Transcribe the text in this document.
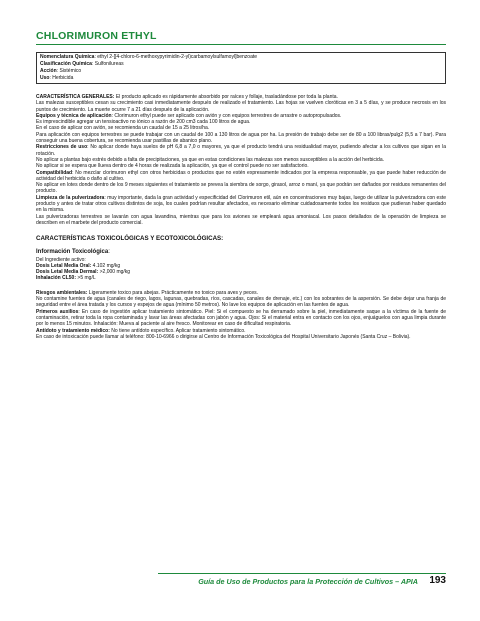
CHLORIMURON ETHYL
Nomenclatura Química: ethyl 2-[[4-chloro-6-methoxypyrimidin-2-yl)carbamoylsulfamoyl]benzoate
Clasificación Química: Sulfonilureas
Acción: Sistémico
Uso: Herbicida

CARACTERÍSTICA GENERALES: El producto aplicado es rápidamente absorbido por raíces y follaje, trasladándose por toda la planta.

Las malezas susceptibles cesan su crecimiento casi inmediatamente después de realizado el tratamiento. Las hojas se vuelven cloróticas en 3 a 5 días, y se produce necrosis en los puntos de crecimiento. La muerte ocurre 7 a 21 días después de la aplicación.

Equipos y técnica de aplicación: Clorimuron ethyl puede ser aplicado con avión y con equipos terrestres de arrastre o autopropulsados.

Es imprescindible agregar un tensioactivo no iónico a razón de 200 cm3 cada 100 litros de agua.

En el caso de aplicar con avión, se recomienda un caudal de 15 a 25 litros/ha.

Para aplicación con equipos terrestres se puede trabajar con un caudal de 100 a 130 litros de agua por ha. La presión de trabajo debe ser de 80 a 100 libras/pulg2 (5,5 a 7 bar). Para conseguir una buena cobertura, se recomienda usar pastillas de abanico plano.

Restricciones de uso: No aplicar donde haya suelos de pH 6,8 a 7,0 o mayores, ya que el producto tendrá una residualidad mayor, pudiendo afectar a los cultivos que sigan en la rotación.

No aplicar a plantas bajo estrés debido a falta de precipitaciones, ya que en estas condiciones las malezas son menos susceptibles a la acción del herbicida.

No aplicar si se espera que llueva dentro de 4 horas de realizada la aplicación, ya que el control puede no ser satisfactorio.

Compatibilidad: No mezclar clorimuron ethyl con otros herbicidas o productos que no estén expresamente indicados por la empresa responsable, ya que puede haber reducción de actividad del herbicida o daño al cultivo.

No aplicar en lotes donde dentro de los 9 meses siguientes el tratamiento se prevea la siembra de sorgo, girasol, arroz o maní, ya que podrán ser dañados por residuos remanentes del producto.

Limpieza de la pulverizadora: muy importante, dada la gran actividad y especificidad del Clorimuron etil, aún en concentraciones muy bajas, luego de utilizar la pulverizadora con este producto y antes de tratar otros cultivos distintos de soja, los cuales podrían resultar afectados, es necesario eliminar cuidadosamente todos los residuos que pudieran haber quedado en la misma.

Las pulverizadoras terrestres se lavarán con agua lavandina, mientras que para los aviones se empleará agua amoniacal. Los pasos detallados de la operación de limpieza se describen en el marbete del producto comercial.

CARACTERÍSTICAS TOXICOLÓGICAS Y ECOTOXICOLÓGICAS:
Información Toxicológica:

Del Ingrediente activo:

Dosis Letal Media Oral: 4.102 mg/kg

Dosis Letal Media Dermal: >2,000 mg/kg

Inhalación CL50: >5 mg/L

Riesgos ambientales: Ligeramente toxico para abejas. Prácticamente no toxico para aves y peces.

No contamine fuentes de agua (canales de riego, lagos, lagunas, quebradas, ríos, cascadas, canales de drenaje, etc.) con los sobrantes de la aspersión. Se debe dejar una franja de seguridad entre el área tratada y los cursos y espejos de agua (mínimo 50 metros). No lave los equipos de aplicación en las fuentes de agua.

Primeros auxilios: En caso de ingestión aplicar tratamiento sintomático. Piel: Si el compuesto se ha derramado sobre la piel, inmediatamente saque a la víctima de la fuente de contaminación, retirar toda la ropa contaminada y lavar las áreas afectadas con jabón y agua. Ojos: Si el material entra en contacto con los ojos, enjuáguelos con agua limpia durante por lo menos 15 minutos. Inhalación: Mueva al paciente al aire fresco. Monitorear en caso de dificultad respiratoria.

Antídoto y tratamiento médico: No tiene antídoto específico. Aplicar tratamiento sintomático.

En caso de intoxicación puede llamar al teléfono: 800-10-6966 o dirigirse al Centro de Información Toxicológica del Hospital Universitario Japonés (Santa Cruz – Bolivia).

Guía de Uso de Productos para la Protección de Cultivos – APIA 193
